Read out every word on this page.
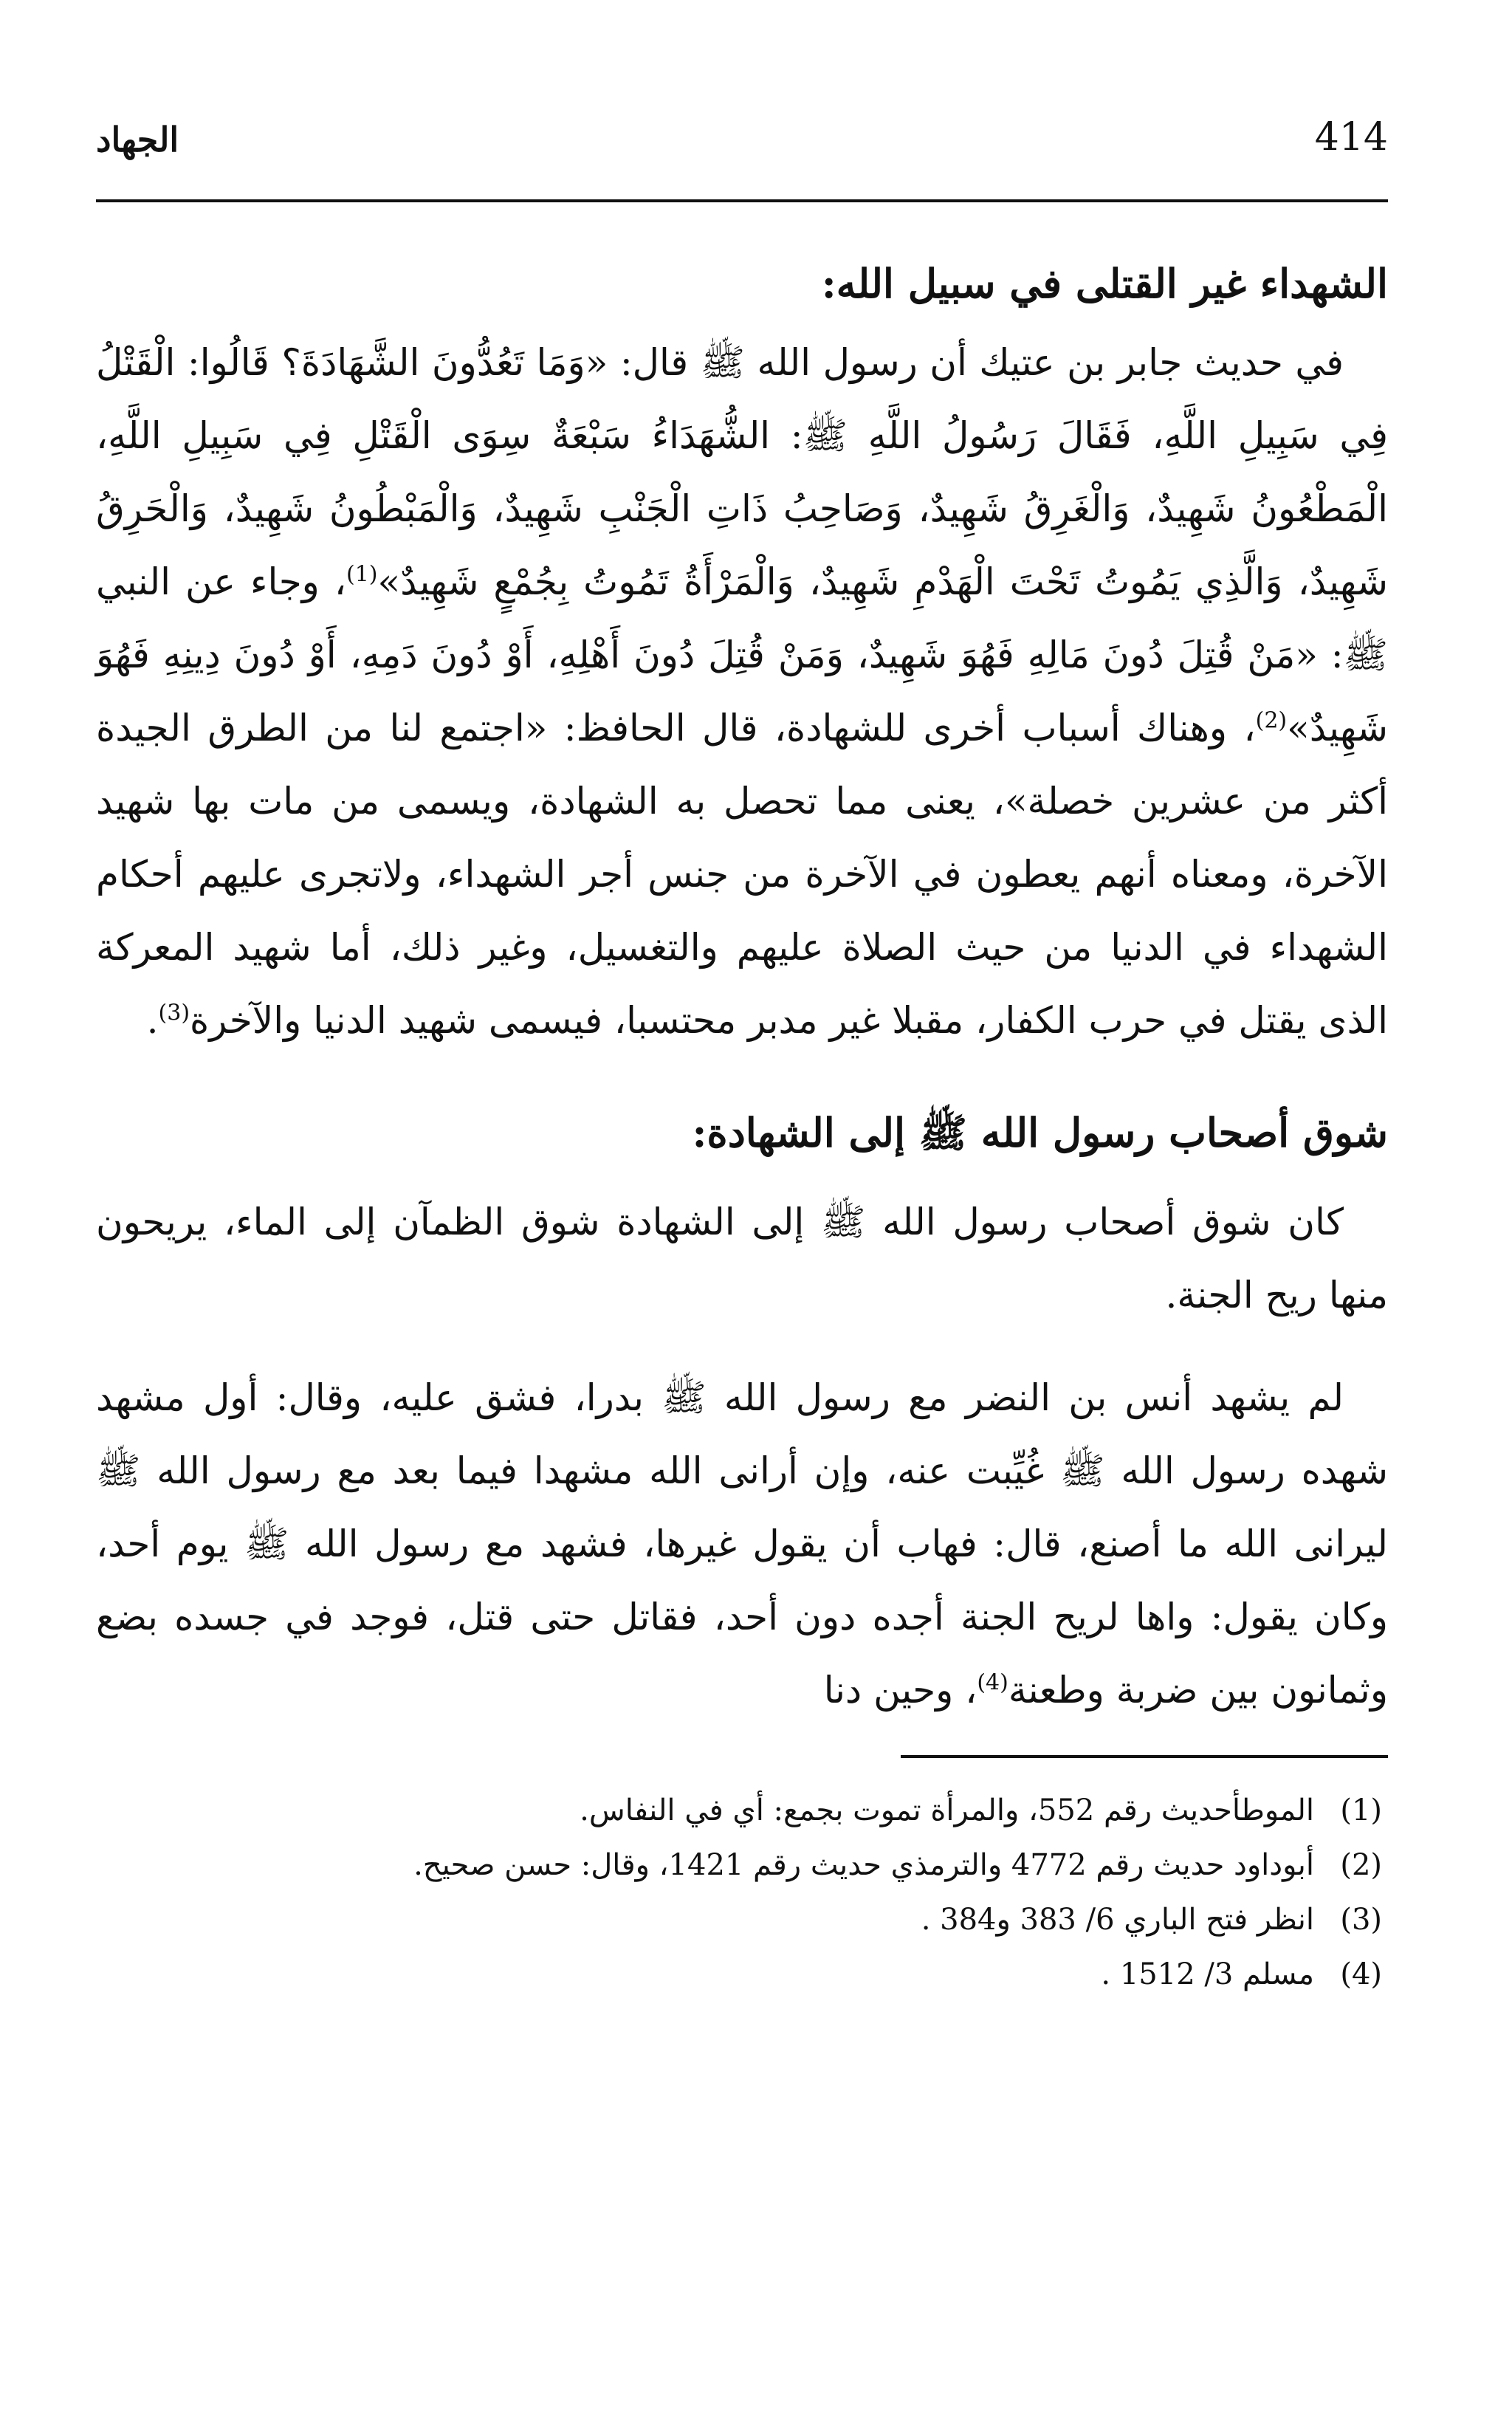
414
الجهاد
الشهداء غير القتلى في سبيل الله:

في حديث جابر بن عتيك أن رسول الله ﷺ قال: «وَمَا تَعُدُّونَ الشَّهَادَةَ؟ قَالُوا: الْقَتْلُ فِي سَبِيلِ اللَّهِ، فَقَالَ رَسُولُ اللَّهِ ﷺ: الشُّهَدَاءُ سَبْعَةٌ سِوَى الْقَتْلِ فِي سَبِيلِ اللَّهِ، الْمَطْعُونُ شَهِيدٌ، وَالْغَرِقُ شَهِيدٌ، وَصَاحِبُ ذَاتِ الْجَنْبِ شَهِيدٌ، وَالْمَبْطُونُ شَهِيدٌ، وَالْحَرِقُ شَهِيدٌ، وَالَّذِي يَمُوتُ تَحْتَ الْهَدْمِ شَهِيدٌ، وَالْمَرْأَةُ تَمُوتُ بِجُمْعٍ شَهِيدٌ»$^{(1)}$، وجاء عن النبي ﷺ: «مَنْ قُتِلَ دُونَ مَالِهِ فَهُوَ شَهِيدٌ، وَمَنْ قُتِلَ دُونَ أَهْلِهِ، أَوْ دُونَ دَمِهِ، أَوْ دُونَ دِينِهِ فَهُوَ شَهِيدٌ»$^{(2)}$، وهناك أسباب أخرى للشهادة، قال الحافظ: «اجتمع لنا من الطرق الجيدة أكثر من عشرين خصلة»، يعنى مما تحصل به الشهادة، ويسمى من مات بها شهيد الآخرة، ومعناه أنهم يعطون في الآخرة من جنس أجر الشهداء، ولاتجرى عليهم أحكام الشهداء في الدنيا من حيث الصلاة عليهم والتغسيل، وغير ذلك، أما شهيد المعركة الذى يقتل في حرب الكفار، مقبلا غير مدبر محتسبا، فيسمى شهيد الدنيا والآخرة$^{(3)}$.

شوق أصحاب رسول الله ﷺ إلى الشهادة:

كان شوق أصحاب رسول الله ﷺ إلى الشهادة شوق الظمآن إلى الماء، يريحون منها ريح الجنة.

لم يشهد أنس بن النضر مع رسول الله ﷺ بدرا، فشق عليه، وقال: أول مشهد شهده رسول الله ﷺ غُيِّبت عنه، وإن أرانى الله مشهدا فيما بعد مع رسول الله ﷺ ليرانى الله ما أصنع، قال: فهاب أن يقول غيرها، فشهد مع رسول الله ﷺ يوم أحد، وكان يقول: واها لريح الجنة أجده دون أحد، فقاتل حتى قتل، فوجد في جسده بضع وثمانون بين ضربة وطعنة$^{(4)}$، وحين دنا

(1)الموطأحديث رقم 552، والمرأة تموت بجمع: أي في النفاس.
(2)أبوداود حديث رقم 4772 والترمذي حديث رقم 1421، وقال: حسن صحيح.
(3)انظر فتح الباري 6/ 383 و384 .
(4)مسلم 3/ 1512 .
